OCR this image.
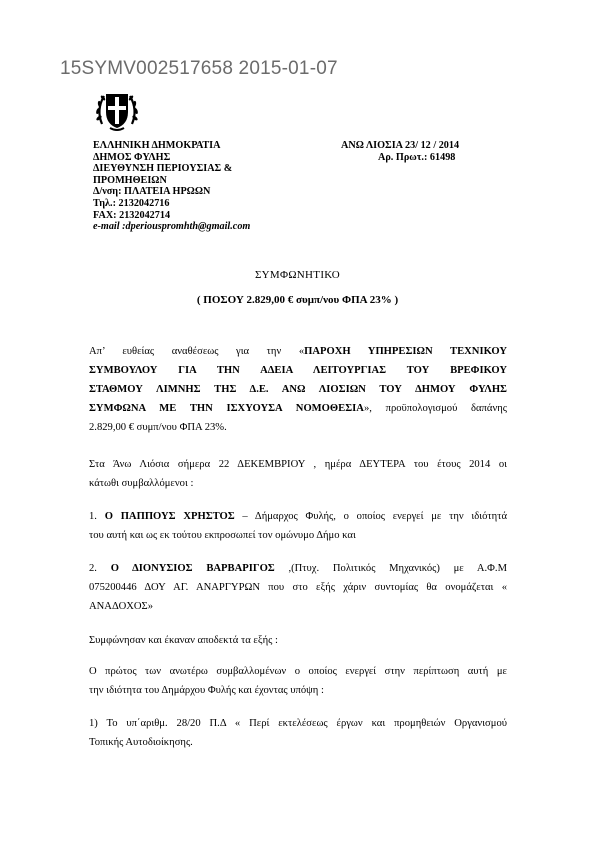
15SYMV002517658 2015-01-07
ΕΛΛΗΝΙΚΗ ΔΗΜΟΚΡΑΤΙΑ
ΔΗΜΟΣ ΦΥΛΗΣ
ΔΙΕΥΘΥΝΣΗ ΠΕΡΙΟΥΣΙΑΣ &
ΠΡΟΜΗΘΕΙΩΝ
Δ/νση: ΠΛΑΤΕΙΑ ΗΡΩΩΝ
Τηλ.: 2132042716
FAX: 2132042714
e-mail :dperiouspromhth@gmail.com
ΑΝΩ ΛΙΟΣΙΑ 23/ 12 / 2014
Αρ. Πρωτ.: 61498
ΣΥΜΦΩΝΗΤΙΚΟ
( ΠΟΣΟΥ 2.829,00 € συμπ/νου ΦΠΑ 23% )
Απ’ ευθείας αναθέσεως για την «ΠΑΡΟΧΗ ΥΠΗΡΕΣΙΩΝ ΤΕΧΝΙΚΟΥ
ΣΥΜΒΟΥΛΟΥ ΓΙΑ ΤΗΝ ΑΔΕΙΑ ΛΕΙΤΟΥΡΓΙΑΣ ΤΟΥ ΒΡΕΦΙΚΟΥ
ΣΤΑΘΜΟΥ ΛΙΜΝΗΣ ΤΗΣ Δ.Ε. ΑΝΩ ΛΙΟΣΙΩΝ ΤΟΥ ΔΗΜΟΥ ΦΥΛΗΣ
ΣΥΜΦΩΝΑ ΜΕ ΤΗΝ ΙΣΧΥΟΥΣΑ ΝΟΜΟΘΕΣΙΑ», προϋπολογισμού δαπάνης
2.829,00 € συμπ/νου ΦΠΑ 23%.
Στα Άνω Λιόσια σήμερα 22 ΔΕΚΕΜΒΡΙΟΥ , ημέρα ΔΕΥΤΕΡΑ του έτους 2014 οι
κάτωθι συμβαλλόμενοι :
1. Ο ΠΑΠΠΟΥΣ ΧΡΗΣΤΟΣ – Δήμαρχος Φυλής, ο οποίος ενεργεί με την ιδιότητά
του αυτή και ως εκ τούτου εκπροσωπεί τον ομώνυμο Δήμο και
2. Ο ΔΙΟΝΥΣΙΟΣ ΒΑΡΒΑΡΙΓΟΣ ,(Πτυχ. Πολιτικός Μηχανικός) με Α.Φ.Μ
075200446 ΔΟΥ ΑΓ. ΑΝΑΡΓΥΡΩΝ που στο εξής χάριν συντομίας θα ονομάζεται «
ΑΝΑΔΟΧΟΣ»
Συμφώνησαν και έκαναν αποδεκτά τα εξής :
Ο πρώτος των ανωτέρω συμβαλλομένων ο οποίος ενεργεί στην περίπτωση αυτή με
την ιδιότητα του Δημάρχου Φυλής και έχοντας υπόψη :
1) Το υπ΄αριθμ. 28/20 Π.Δ « Περί εκτελέσεως έργων και προμηθειών Οργανισμού
Τοπικής Αυτοδιοίκησης.
